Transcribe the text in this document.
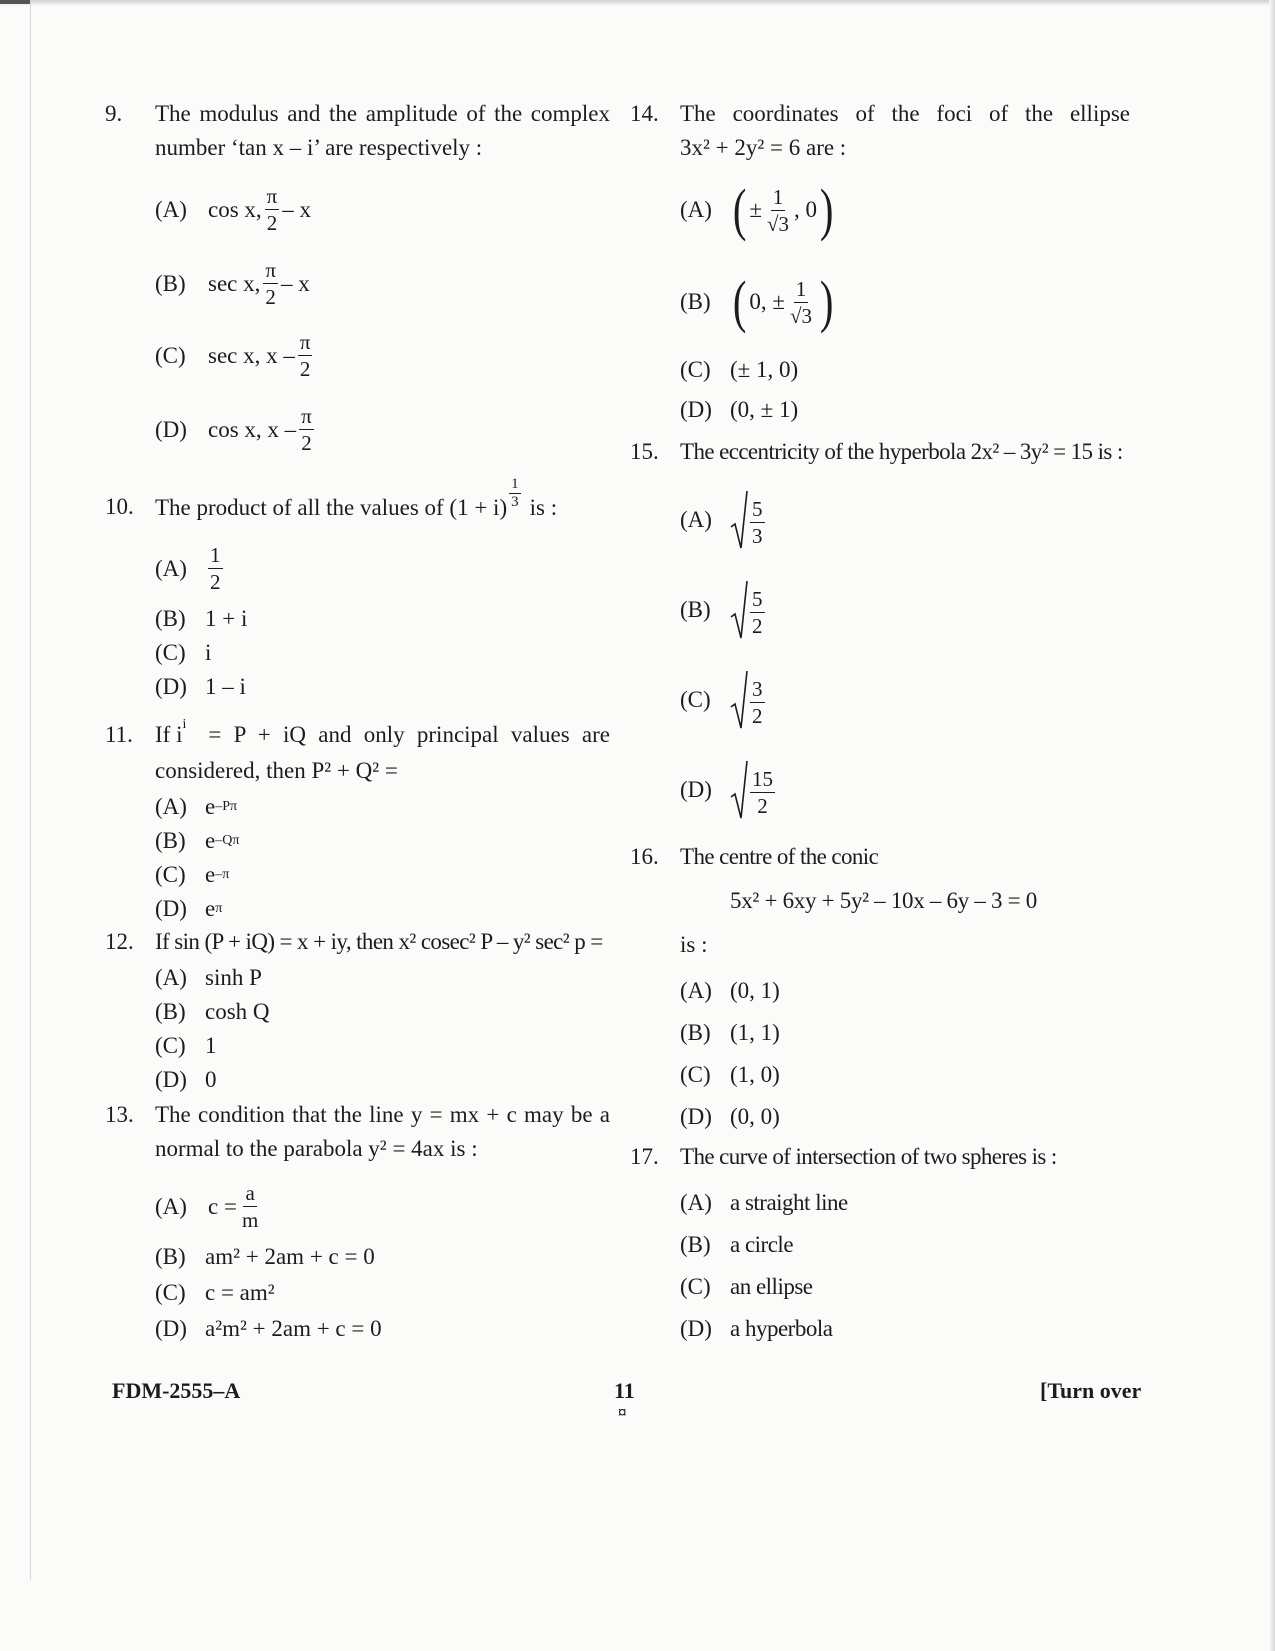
9. The modulus and the amplitude of the complex
number ‘tan x – i’ are respectively :
(A) cos x, $\frac{\pi}{2}$ – x
(B) sec x, $\frac{\pi}{2}$ – x
(C) sec x, x – $\frac{\pi}{2}$
(D) cos x, x – $\frac{\pi}{2}$
10. The product of all the values of $(1 + i) \frac{1}{3}$ is :
(A)	$\frac{1}{2}$
(B) 1 + i
(C) i
(D) 1 – i
11. If i i = P + iQ and only principal values are
considered, then P² + Q² =
(A) e –Pπ
(B) e –Qπ
(C) e –π
(D) e π
12. If sin (P + iQ) = x + iy, then x² cosec² P – y² sec² p =
(A) sinh P
(B) cosh Q
(C) 1
(D) 0
13. The condition that the line y = mx + c may be a
normal to the parabola y² = 4ax is :
(A) $c = \frac{a}{m}$
(B) am² + 2am + c = 0
(C) c = am²
(D) a²m² + 2am + c = 0
14. The coordinates of the foci of the ellipse
3x² + 2y² = 6 are :
(A) ( ± $\frac{1}{√3}$ , 0 )
(B) ( 0, ± $\frac{1}{√3}$ )
(C) (± 1, 0)
(D) (0, ± 1)
15. The eccentricity of the hyperbola 2x² – 3y² = 15 is :
(A)	$\frac{5}{3}$
(B)	$\frac{5}{2}$
(C)	$\frac{3}{2}$
(D)	$\frac{15}{2}$
16. The centre of the conic
5x² + 6xy + 5y² – 10x – 6y – 3 = 0
is :
(A) (0, 1)
(B) (1, 1)
(C) (1, 0)
(D) (0, 0)
17. The curve of intersection of two spheres is :
(A) a straight line
(B) a circle
(C) an ellipse
(D) a hyperbola
FDM-2555–A	11
¤
[Turn over
